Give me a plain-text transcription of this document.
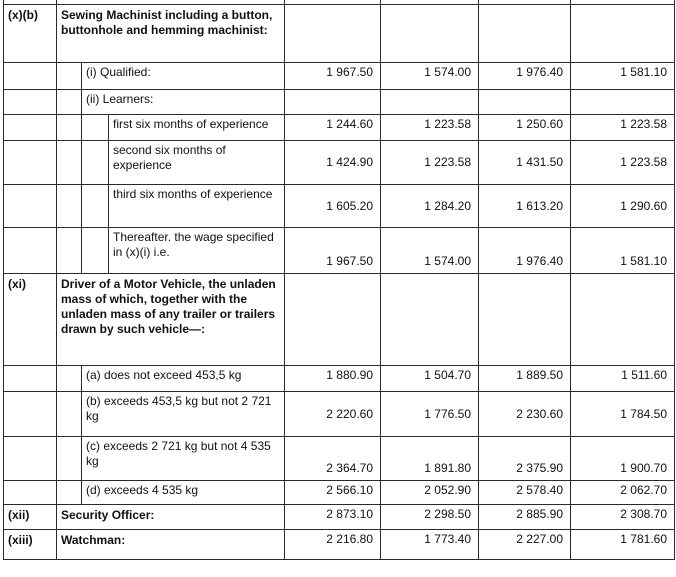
(x)(b)	Sewing Machinist including a button, buttonhole and hemming machinist:						
		(i) Qualified:		1 967.50	1 574.00	1 976.40	1 581.10
		(ii) Learners:					
			first six months of experience	1 244.60	1 223.58	1 250.60	1 223.58
			second six months of experience	1 424.90	1 223.58	1 431.50	1 223.58
			third six months of experience	1 605.20	1 284.20	1 613.20	1 290.60
			Thereafter. the wage specified in (x)(i) i.e.	1 967.50	1 574.00	1 976.40	1 581.10
(xi)	Driver of a Motor Vehicle, the unladen mass of which, together with the unladen mass of any trailer or trailers drawn by such vehicle—:						
		(a) does not exceed 453,5 kg		1 880.90	1 504.70	1 889.50	1 511.60
		(b) exceeds 453,5 kg but not 2 721 kg		2 220.60	1 776.50	2 230.60	1 784.50
		(c) exceeds 2 721 kg but not 4 535 kg		2 364.70	1 891.80	2 375.90	1 900.70
		(d) exceeds 4 535 kg		2 566.10	2 052.90	2 578.40	2 062.70
(xii)	Security Officer:			2 873.10	2 298.50	2 885.90	2 308.70
(xiii)	Watchman:			2 216.80	1 773.40	2 227.00	1 781.60
